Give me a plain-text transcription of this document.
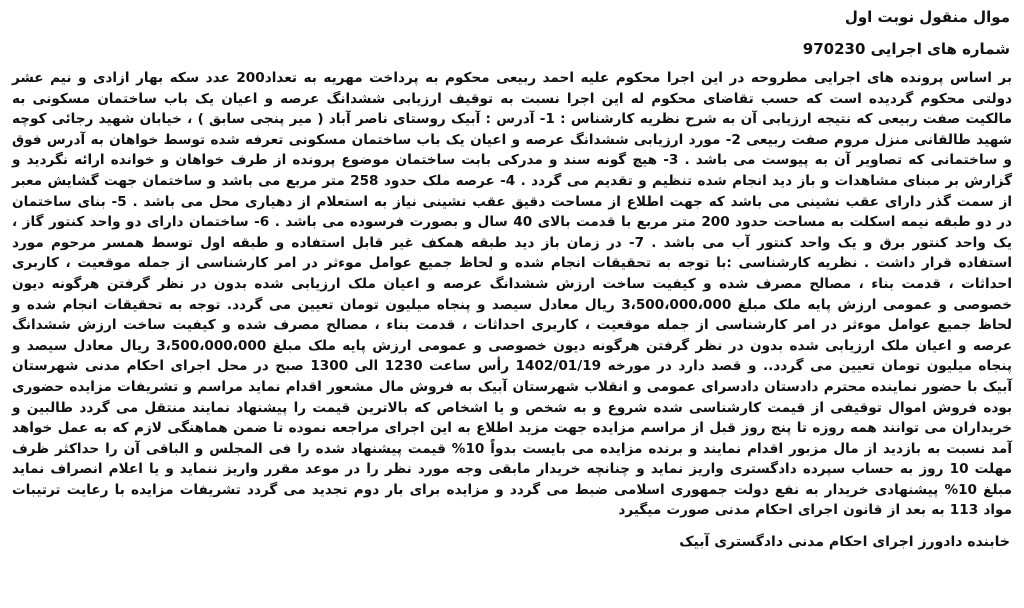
موال منقول نوبت اول

شماره های اجرایی 970230

بر اساس پرونده های اجرایی مطروحه در این اجرا محکوم علیه احمد ربیعی محکوم به پرداخت مهریه به تعداد200 عدد سکه بهار ازادی و نیم عشر دولتی محکوم گردیده است که حسب تقاضای محکوم له این اجرا نسبت به توقیف ارزیابی ششدانگ عرصه و اعیان یک باب ساختمان مسکونی به مالکیت صفت ربیعی که نتیجه ارزیابی آن به شرح نظریه کارشناس : 1- آدرس : آبیک روستای ناصر آباد ( میر پنجی سابق ) ، خیابان شهید رجائی کوچه شهید طالقانی منزل مروم صفت ربیعی 2- مورد ارزیابی ششدانگ عرصه و اعیان یک باب ساختمان مسکونی تعرفه شده توسط خواهان به آدرس فوق و ساختمانی که تصاویر آن به پیوست می باشد . 3- هیچ گونه سند و مدرکی بابت ساختمان موضوع پرونده از طرف خواهان و خوانده ارائه نگردید و گزارش بر مبنای مشاهدات و باز دید انجام شده تنظیم و تقدیم می گردد . 4- عرصه ملک حدود 258 متر مربع می باشد و ساختمان جهت گشایش معبر از سمت گذر دارای عقب نشینی می باشد که جهت اطلاع از مساحت دقیق عقب نشینی نیاز به استعلام از دهیاری محل می باشد . 5- بنای ساختمان در دو طبقه نیمه اسکلت به مساحت حدود 200 متر مربع با قدمت بالای 40 سال و بصورت فرسوده می باشد . 6- ساختمان دارای دو واحد کنتور گاز ، یک واحد کنتور برق و یک واحد کنتور آب می باشد . 7- در زمان باز دید طبقه همکف غیر قابل استفاده و طبقه اول توسط همسر مرحوم مورد استفاده قرار داشت . نظریه کارشناسی :با توجه به تحقیقات انجام شده و لحاظ جمیع عوامل موءثر در امر کارشناسی از جمله موقعیت ، کاربری احداثات ، قدمت بناء ، مصالح مصرف شده و کیفیت ساخت ارزش ششدانگ عرصه و اعیان ملک ارزیابی شده بدون در نظر گرفتن هرگونه دیون خصوصی و عمومی ارزش پایه ملک مبلغ 3،500،000،000 ریال معادل سیصد و پنجاه میلیون تومان تعیین می گردد. توجه به تحقیقات انجام شده و لحاظ جمیع عوامل موءثر در امر کارشناسی از جمله موقعیت ، کاربری احداثات ، قدمت بناء ، مصالح مصرف شده و کیفیت ساخت ارزش ششدانگ عرصه و اعیان ملک ارزیابی شده بدون در نظر گرفتن هرگونه دیون خصوصی و عمومی ارزش پایه ملک مبلغ 3،500،000،000 ریال معادل سیصد و پنجاه میلیون تومان تعیین می گردد.. و قصد دارد در مورخه 1402/01/19 رأس ساعت 1230 الی 1300 صبح در محل اجرای احکام مدنی شهرستان آبیک با حضور نماینده محترم دادستان دادسرای عمومی و انقلاب شهرستان آبیک به فروش مال مشعور اقدام نماید مراسم و تشریفات مزایده حضوری بوده فروش اموال توقیفی از قیمت کارشناسی شده شروع و به شخص و یا اشخاص که بالاترین قیمت را پیشنهاد نمایند منتقل می گردد طالبین و خریداران می توانند همه روزه تا پنج روز قبل از مراسم مزایده جهت مزید اطلاع به این اجرای مراجعه نموده تا ضمن هماهنگی لازم که به عمل خواهد آمد نسبت به بازدید از مال مزبور اقدام نمایند و برنده مزایده می بایست بدواً 10% قیمت پیشنهاد شده را فی المجلس و الباقی آن را حداکثر ظرف مهلت 10 روز به حساب سپرده دادگستری واریز نماید و چنانچه خریدار مابقی وجه مورد نظر را در موعد مقرر واریز ننماید و یا اعلام انصراف نماید مبلغ 10% پیشنهادی خریدار به نفع دولت جمهوری اسلامی ضبط می گردد و مزایده برای بار دوم تجدید می گردد تشریفات مزایده با رعایت ترتیبات مواد 113 به بعد از قانون اجرای احکام مدنی صورت میگیرد

خابنده دادورز اجرای احکام مدنی دادگستری آبیک
